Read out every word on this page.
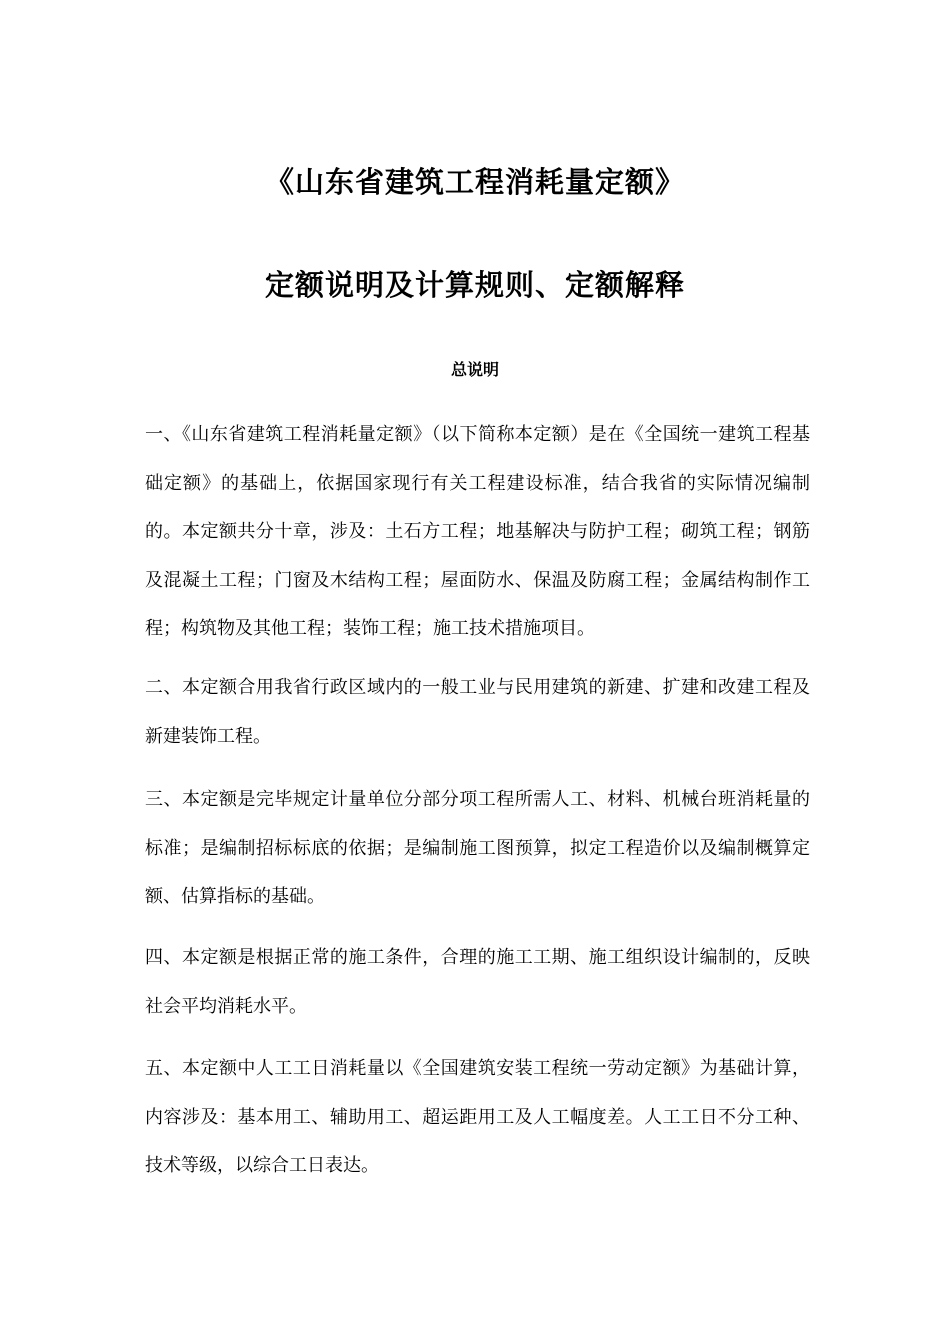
《山东省建筑工程消耗量定额》
定额说明及计算规则、定额解释
总说明
一、《山东省建筑工程消耗量定额》（以下简称本定额）是在《全国统一建筑工程基础定额》的基础上，依据国家现行有关工程建设标准，结合我省的实际情况编制的。本定额共分十章，涉及：土石方工程；地基解决与防护工程；砌筑工程；钢筋及混凝土工程；门窗及木结构工程；屋面防水、保温及防腐工程；金属结构制作工程；构筑物及其他工程；装饰工程；施工技术措施项目。
二、本定额合用我省行政区域内的一般工业与民用建筑的新建、扩建和改建工程及新建装饰工程。
三、本定额是完毕规定计量单位分部分项工程所需人工、材料、机械台班消耗量的标准；是编制招标标底的依据；是编制施工图预算，拟定工程造价以及编制概算定额、估算指标的基础。
四、本定额是根据正常的施工条件，合理的施工工期、施工组织设计编制的，反映社会平均消耗水平。
五、本定额中人工工日消耗量以《全国建筑安装工程统一劳动定额》为基础计算，内容涉及：基本用工、辅助用工、超运距用工及人工幅度差。人工工日不分工种、技术等级，以综合工日表达。
